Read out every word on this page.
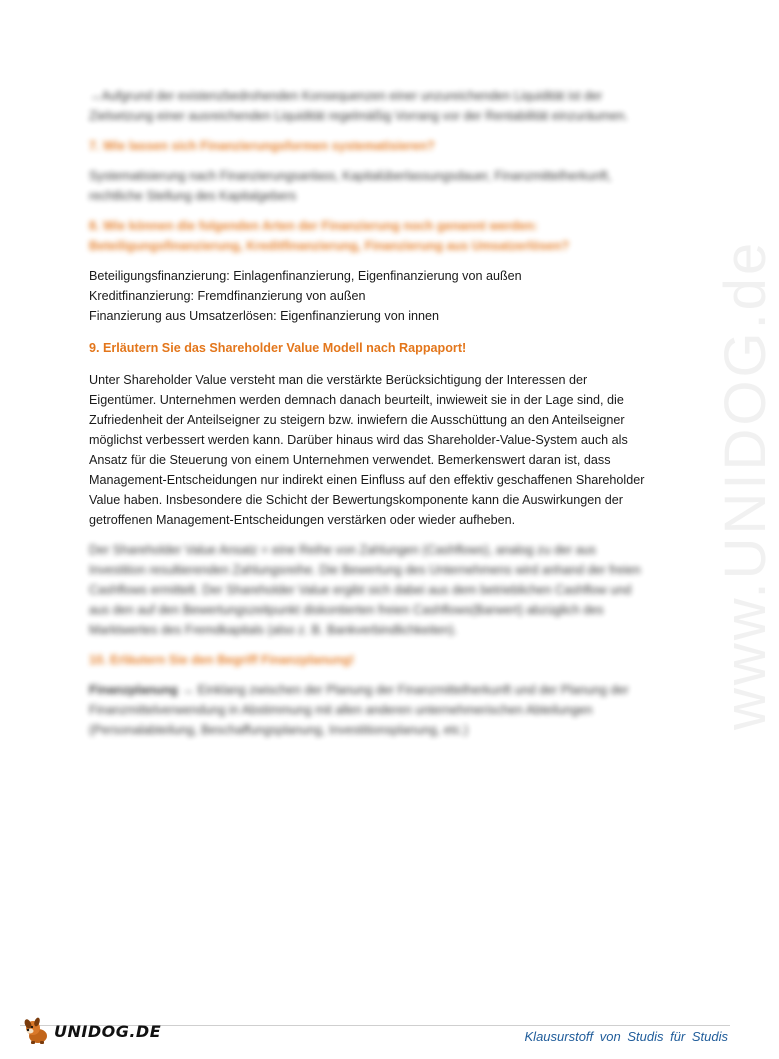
→Aufgrund der existenzbedrohenden Konsequenzen einer unzureichenden Liquidität ist der Zielsetzung einer ausreichenden Liquidität regelmäßig Vorrang vor der Rentabilität einzuräumen.

7. Wie lassen sich Finanzierungsformen systematisieren?

Systematisierung nach Finanzierungsanlass, Kapitalüberlassungsdauer, Finanzmittelherkunft, rechtliche Stellung des Kapitalgebers

8. Wie können die folgenden Arten der Finanzierung noch genannt werden: Beteiligungsfinanzierung, Kreditfinanzierung, Finanzierung aus Umsatzerlösen?

Beteiligungsfinanzierung: Einlagenfinanzierung, Eigenfinanzierung von außen

Kreditfinanzierung: Fremdfinanzierung von außen

Finanzierung aus Umsatzerlösen: Eigenfinanzierung von innen

9. Erläutern Sie das Shareholder Value Modell nach Rappaport!

Unter Shareholder Value versteht man die verstärkte Berücksichtigung der Interessen der

Eigentümer. Unternehmen werden demnach danach beurteilt, inwieweit sie in der Lage sind, die

Zufriedenheit der Anteilseigner zu steigern bzw. inwiefern die Ausschüttung an den Anteilseigner

möglichst verbessert werden kann. Darüber hinaus wird das Shareholder-Value-System auch als

Ansatz für die Steuerung von einem Unternehmen verwendet. Bemerkenswert daran ist, dass

Management-Entscheidungen nur indirekt einen Einfluss auf den effektiv geschaffenen Shareholder

Value haben. Insbesondere die Schicht der Bewertungskomponente kann die Auswirkungen der

getroffenen Management-Entscheidungen verstärken oder wieder aufheben.

Der Shareholder Value Ansatz = eine Reihe von Zahlungen (Cashflows), analog zu der aus Investition resultierenden Zahlungsreihe. Die Bewertung des Unternehmens wird anhand der freien Cashflows ermittelt. Der Shareholder Value ergibt sich dabei aus dem betrieblichen Cashflow und aus den auf den Bewertungszeitpunkt diskontierten freien Cashflows(Barwert) abzüglich des Marktwertes des Fremdkapitals (also z. B. Bankverbindlichkeiten).

10. Erläutern Sie den Begriff Finanzplanung!

Finanzplanung → Einklang zwischen der Planung der Finanzmittelherkunft und der Planung der Finanzmittelverwendung in Abstimmung mit allen anderen unternehmerischen Abteilungen (Personalabteilung, Beschaffungsplanung, Investitionsplanung, etc.)	www.UNIDOG.de
UNIDOG.DE	Klausurstoff von Studis für Studis
